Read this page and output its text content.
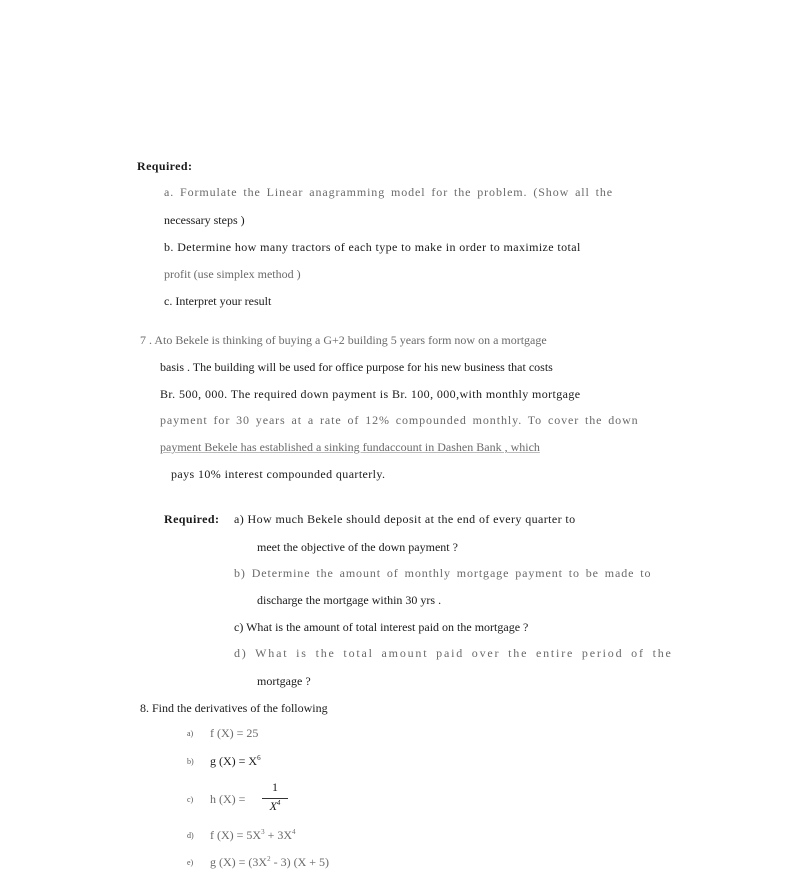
Required:
a. Formulate the Linear anagramming model for the problem. (Show all the
necessary steps )
b. Determine how many tractors of each type to make in order to maximize total
profit (use simplex method )
c. Interpret your result
7 . Ato Bekele is thinking of buying a G+2 building 5 years form now on a mortgage
basis . The building will be used for office purpose for his new business that costs
Br. 500, 000. The required down payment is Br. 100, 000,with monthly mortgage
payment for 30 years at a rate of 12% compounded monthly. To cover the down
payment Bekele has established a sinking fundaccount in Dashen Bank , which
pays 10% interest compounded quarterly.
Required: a) How much Bekele should deposit at the end of every quarter to
meet the objective of the down payment ?
b) Determine the amount of monthly mortgage payment to be made to
discharge the mortgage within 30 yrs .
c) What is the amount of total interest paid on the mortgage ?
d) What is the total amount paid over the entire period of the
mortgage ?
8. Find the derivatives of the following
a) f (X) = 25
b) g $(X) = X^6$
c) h (X) =
1
$X^4$
d) f $(X) = 5X^3 + 3X^4$
e) g $(X) = (3X^2 - 3) (X + 5)$
